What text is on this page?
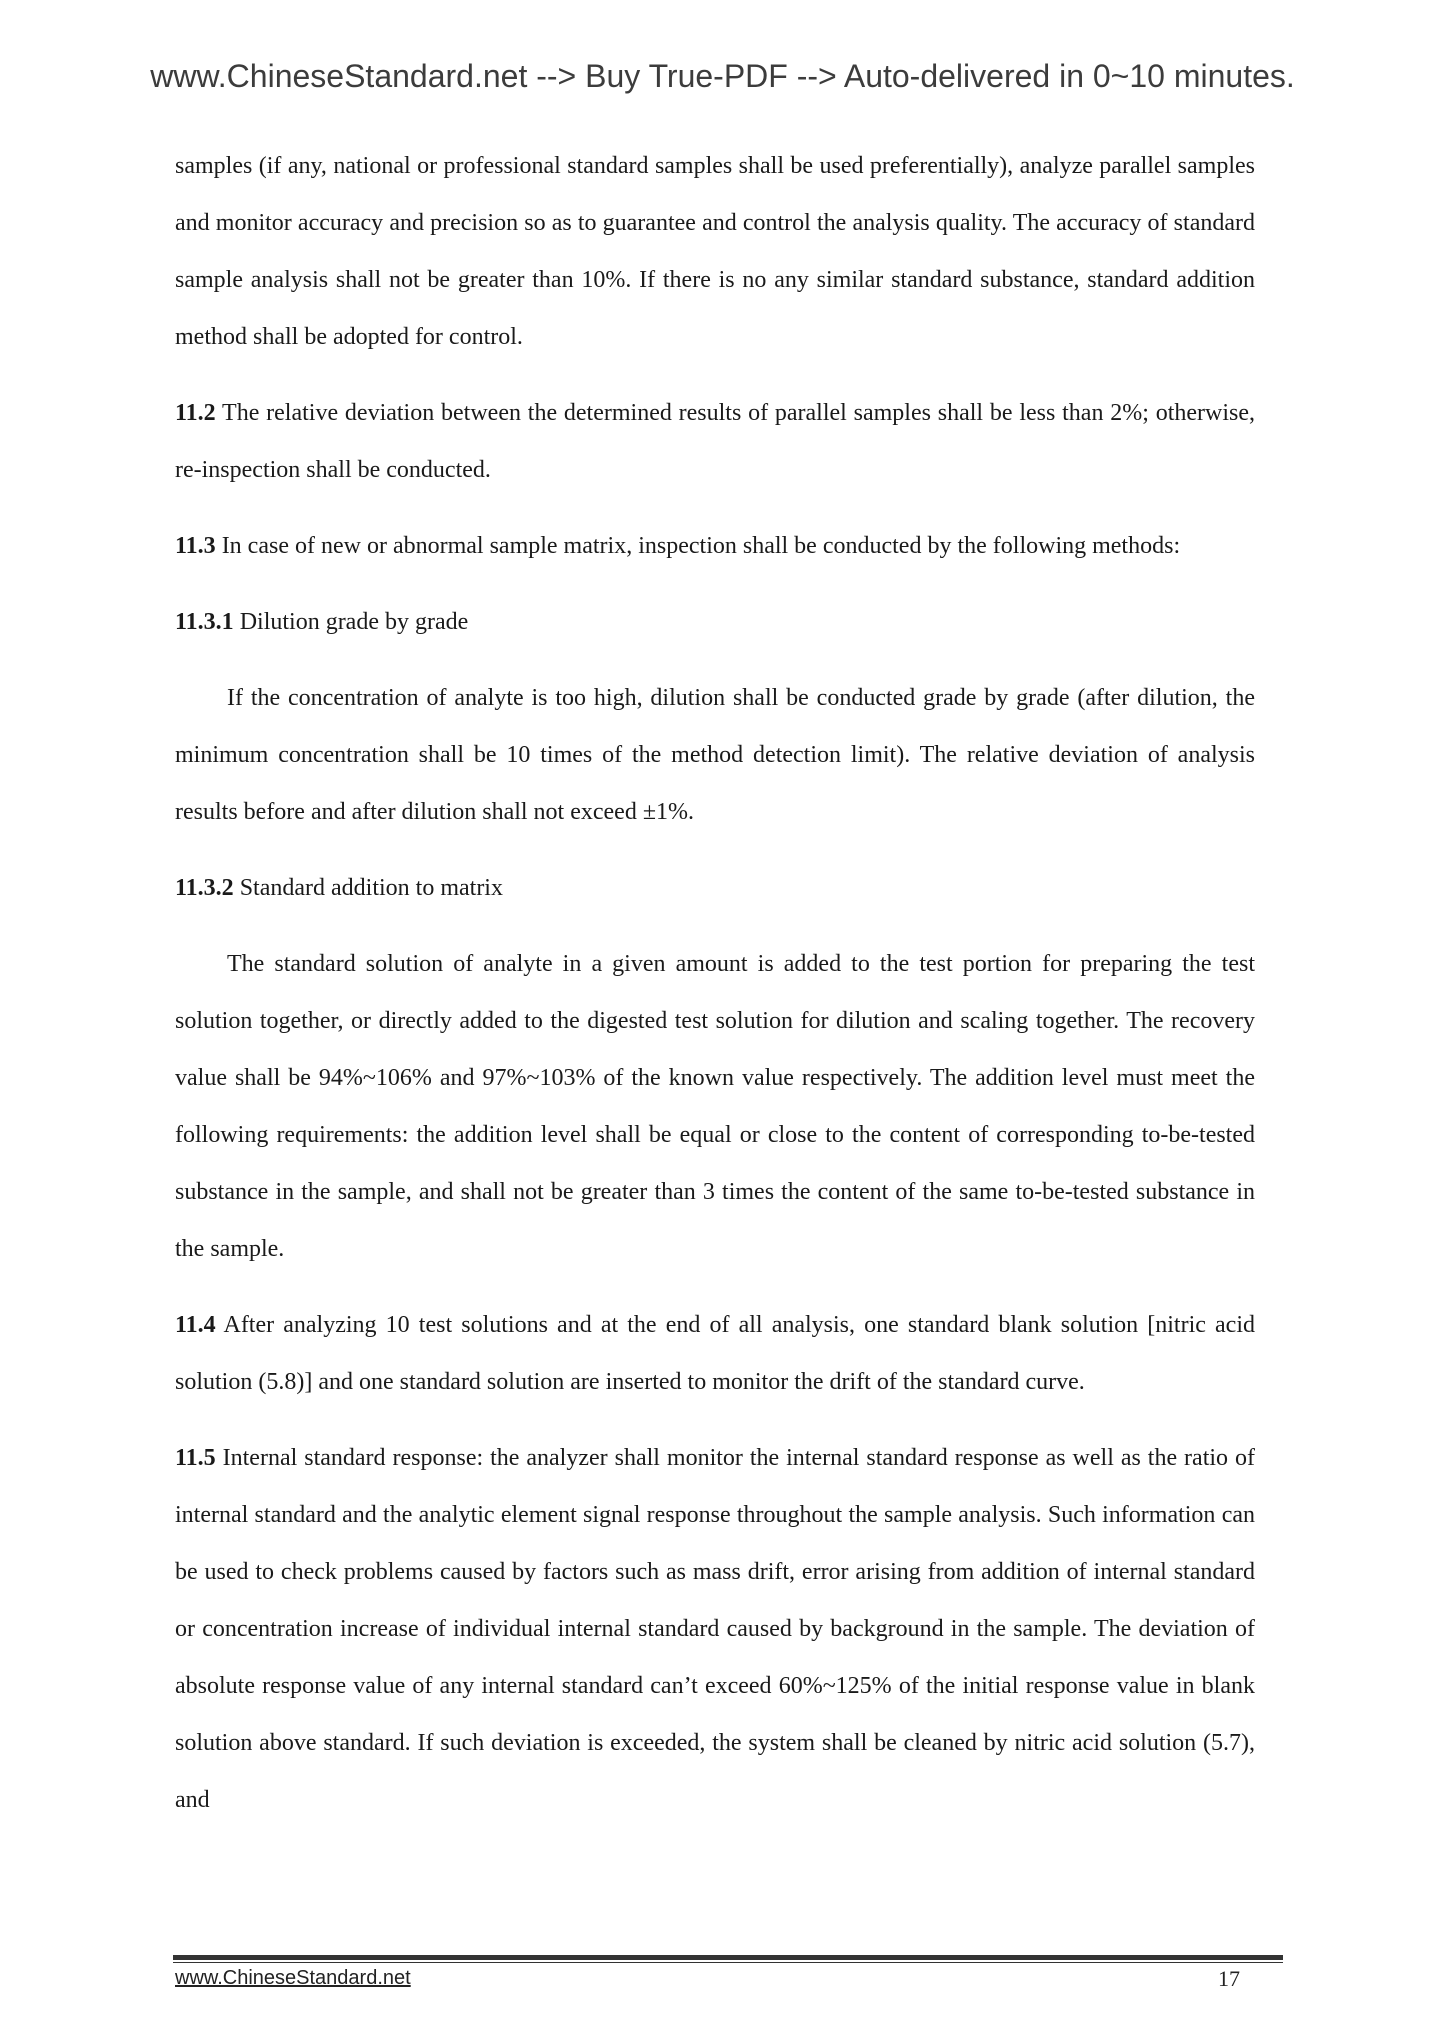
www.ChineseStandard.net --> Buy True-PDF --> Auto-delivered in 0~10 minutes.

samples (if any, national or professional standard samples shall be used preferentially), analyze parallel samples and monitor accuracy and precision so as to guarantee and control the analysis quality. The accuracy of standard sample analysis shall not be greater than 10%. If there is no any similar standard substance, standard addition method shall be adopted for control.

11.2 The relative deviation between the determined results of parallel samples shall be less than 2%; otherwise, re-inspection shall be conducted.

11.3 In case of new or abnormal sample matrix, inspection shall be conducted by the following methods:

11.3.1 Dilution grade by grade

If the concentration of analyte is too high, dilution shall be conducted grade by grade (after dilution, the minimum concentration shall be 10 times of the method detection limit). The relative deviation of analysis results before and after dilution shall not exceed ±1%.

11.3.2 Standard addition to matrix

The standard solution of analyte in a given amount is added to the test portion for preparing the test solution together, or directly added to the digested test solution for dilution and scaling together. The recovery value shall be 94%~106% and 97%~103% of the known value respectively. The addition level must meet the following requirements: the addition level shall be equal or close to the content of corresponding to-be-tested substance in the sample, and shall not be greater than 3 times the content of the same to-be-tested substance in the sample.

11.4 After analyzing 10 test solutions and at the end of all analysis, one standard blank solution [nitric acid solution (5.8)] and one standard solution are inserted to monitor the drift of the standard curve.

11.5 Internal standard response: the analyzer shall monitor the internal standard response as well as the ratio of internal standard and the analytic element signal response throughout the sample analysis. Such information can be used to check problems caused by factors such as mass drift, error arising from addition of internal standard or concentration increase of individual internal standard caused by background in the sample. The deviation of absolute response value of any internal standard can’t exceed 60%~125% of the initial response value in blank solution above standard. If such deviation is exceeded, the system shall be cleaned by nitric acid solution (5.7), and

www.ChineseStandard.net	17
